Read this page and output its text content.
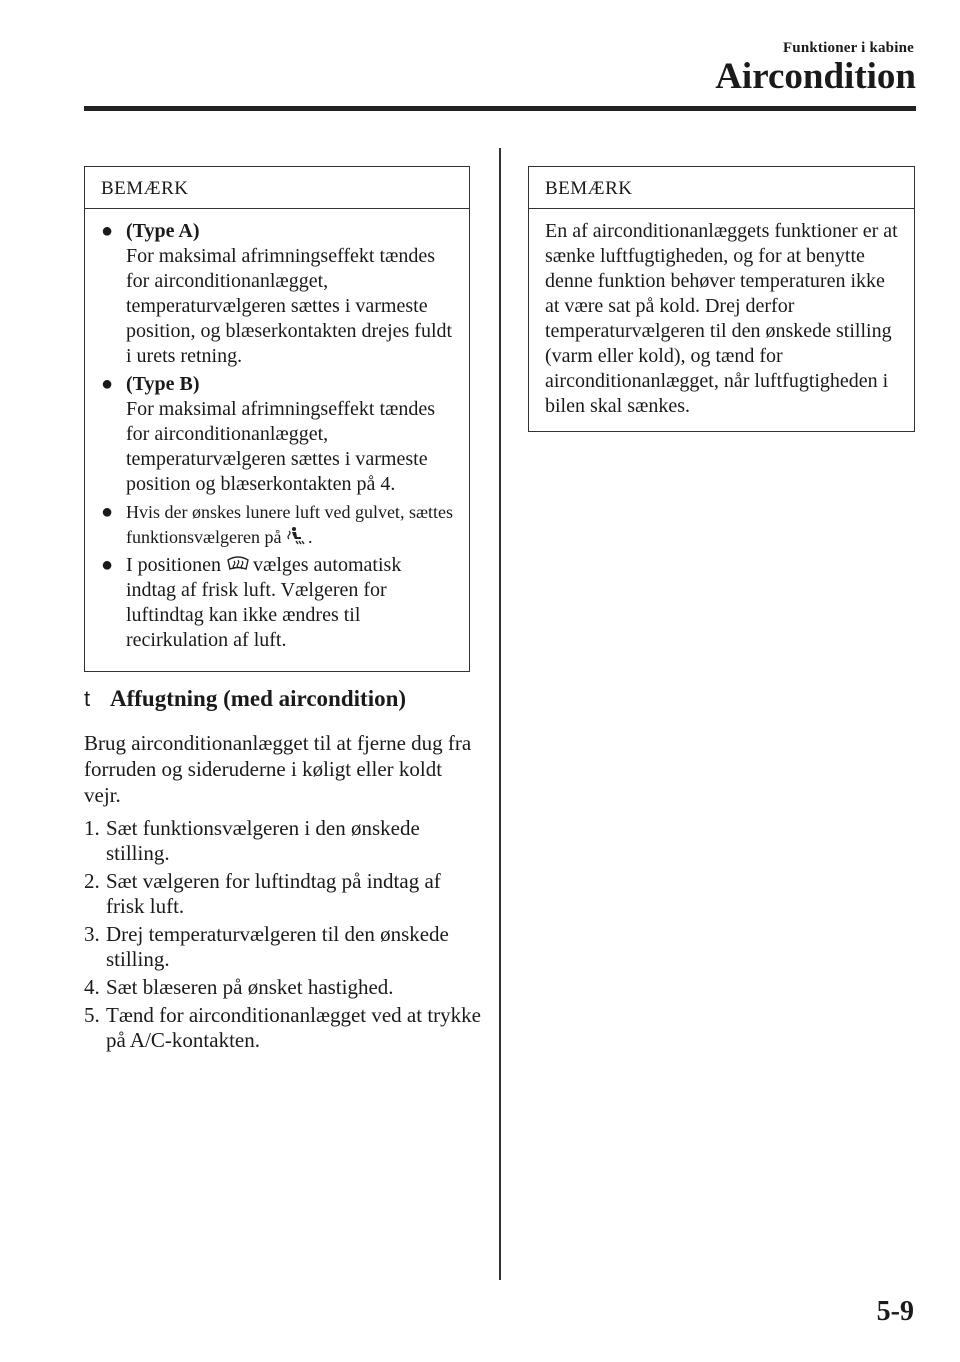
Funktioner i kabine
Aircondition
BEMÆRK
● (Type A)
For maksimal afrimningseffekt tændes for airconditionanlægget, temperaturvælgeren sættes i varmeste position, og blæserkontakten drejes fuldt i urets retning.
● (Type B)
For maksimal afrimningseffekt tændes for airconditionanlægget, temperaturvælgeren sættes i varmeste position og blæserkontakten på 4.
● Hvis der ønskes lunere luft ved gulvet, sættes funktionsvælgeren på .
● I positionen vælges automatisk indtag af frisk luft. Vælgeren for luftindtag kan ikke ændres til recirkulation af luft.
BEMÆRK

En af airconditionanlæggets funktioner er at sænke luftfugtigheden, og for at benytte denne funktion behøver temperaturen ikke at være sat på kold. Drej derfor temperaturvælgeren til den ønskede stilling (varm eller kold), og tænd for airconditionanlægget, når luftfugtigheden i bilen skal sænkes.

t Affugtning (med aircondition)
Brug airconditionanlægget til at fjerne dug fra forruden og sideruderne i køligt eller koldt vejr.
1. Sæt funktionsvælgeren i den ønskede stilling.
2. Sæt vælgeren for luftindtag på indtag af frisk luft.
3. Drej temperaturvælgeren til den ønskede stilling.
4. Sæt blæseren på ønsket hastighed.
5. Tænd for airconditionanlægget ved at trykke på A/C-kontakten.
5-9
